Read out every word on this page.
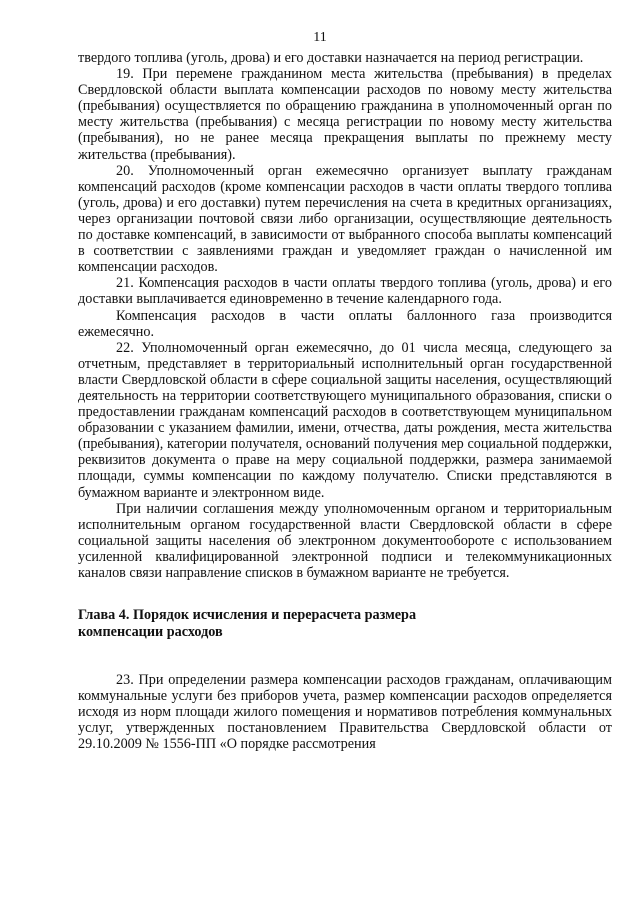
11

твердого топлива (уголь, дрова) и его доставки назначается на период регистрации.

19. При перемене гражданином места жительства (пребывания) в пределах Свердловской области выплата компенсации расходов по новому месту жительства (пребывания) осуществляется по обращению гражданина в уполномоченный орган по месту жительства (пребывания) с месяца регистрации по новому месту жительства (пребывания), но не ранее месяца прекращения выплаты по прежнему месту жительства (пребывания).

20. Уполномоченный орган ежемесячно организует выплату гражданам компенсаций расходов (кроме компенсации расходов в части оплаты твердого топлива (уголь, дрова) и его доставки) путем перечисления на счета в кредитных организациях, через организации почтовой связи либо организации, осуществляющие деятельность по доставке компенсаций, в зависимости от выбранного способа выплаты компенсаций в соответствии с заявлениями граждан и уведомляет граждан о начисленной им компенсации расходов.

21. Компенсация расходов в части оплаты твердого топлива (уголь, дрова) и его доставки выплачивается единовременно в течение календарного года.

Компенсация расходов в части оплаты баллонного газа производится ежемесячно.

22. Уполномоченный орган ежемесячно, до 01 числа месяца, следующего за отчетным, представляет в территориальный исполнительный орган государственной власти Свердловской области в сфере социальной защиты населения, осуществляющий деятельность на территории соответствующего муниципального образования, списки о предоставлении гражданам компенсаций расходов в соответствующем муниципальном образовании с указанием фамилии, имени, отчества, даты рождения, места жительства (пребывания), категории получателя, оснований получения мер социальной поддержки, реквизитов документа о праве на меру социальной поддержки, размера занимаемой площади, суммы компенсации по каждому получателю. Списки представляются в бумажном варианте и электронном виде.

При наличии соглашения между уполномоченным органом и территориальным исполнительным органом государственной власти Свердловской области в сфере социальной защиты населения об электронном документообороте с использованием усиленной квалифицированной электронной подписи и телекоммуникационных каналов связи направление списков в бумажном варианте не требуется.

Глава 4. Порядок исчисления и перерасчета размера

компенсации расходов

23. При определении размера компенсации расходов гражданам, оплачивающим коммунальные услуги без приборов учета, размер компенсации расходов определяется исходя из норм площади жилого помещения и нормативов потребления коммунальных услуг, утвержденных постановлением Правительства Свердловской области от 29.10.2009 № 1556-ПП «О порядке рассмотрения
